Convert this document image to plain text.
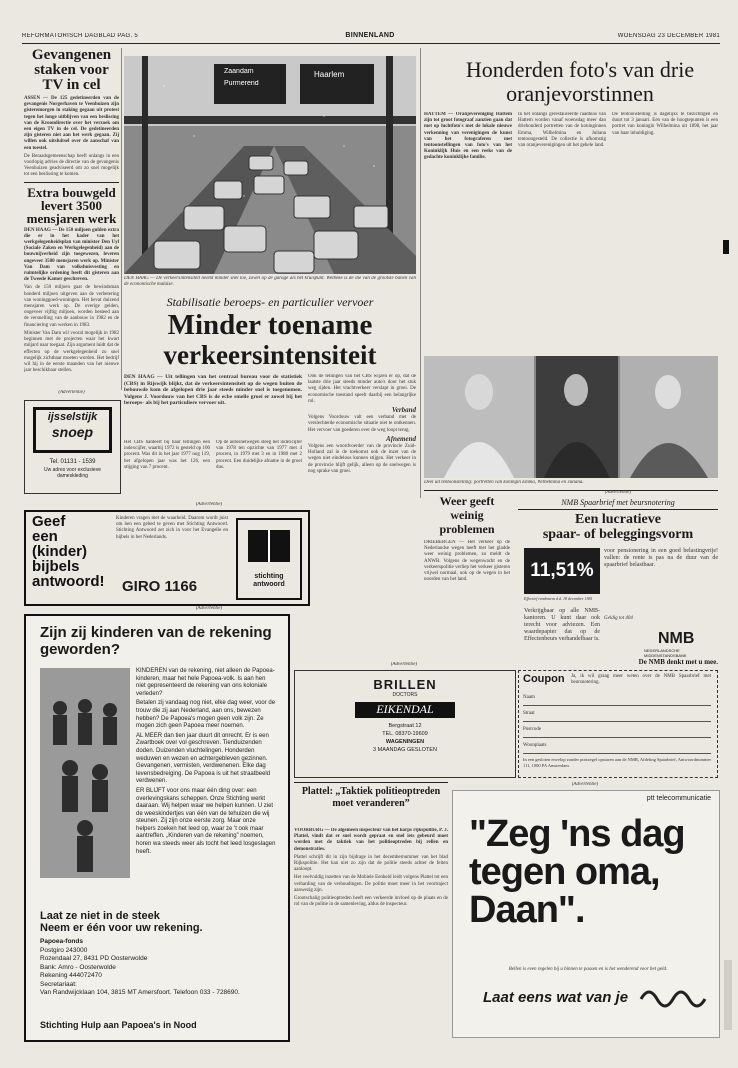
REFORMATORISCH DAGBLAD PAG. 5	BINNENLAND	WOENSDAG 23 DECEMBER 1981
Gevangenen staken voor TV in cel

ASSEN — De 125 gedetineerden van de gevangenis Norgerhaven te Veenhuizen zijn gisteremorgen in staking gegaan uit protest tegen het longe uitblijven van een beslissing van de Kroondirectie over het verzoek om een eigen TV in de cel. De gedetineerden zijn gisteren niet aan het werk gegaan. Zij willen ook uitsluitsel over de aanschaf van een toestel.

De Beraadsgemeenschap heeft onlangs in een voorlopig advies de directie van de gevangenis Veenhuizen geadviseerd om zo snel mogelijk tot een beslissing te komen.

Extra bouwgeld levert 3500 mensjaren werk

DEN HAAG — De 150 miljoen gulden extra die er in het kader van het werkgelegenheidsplan van minister Den Uyl (Sociale Zaken en Werkgelegenheid) aan de bouwnijverheid zijn toegewezen, leveren ongeveer 3500 mensjaren werk op. Minister Van Dam van volkshuisvesting en ruimtelijke ordening heeft dit gisteren aan de Tweede Kamer geschreven.

Van de 150 miljoen gaat de bewindsman honderd miljoen uitgeven aan de verbetering van woninggoed-woningen. Het bevat duizend mensjaren werk op. De overige gelden, ongeveer vijftig miljoen, worden besteed aan de versnelling van de aanbouw in 1982 en de financiering van werken in 1983.

Minister Van Dam wil vooral mogelijk in 1982 beginnen met de projecten waar het kwart miljard naar toegaat. Zijn argument luidt dat de effecten op de werkgelegenheid zo snel mogelijk zichtbaar moeten worden. Het bedrijf wil hij in de eerste maanden van het nieuwe jaar beschikbaar stellen.

Zaandam
Purmerend
Haarlem
DEN HAAG — De verkeersintensiteit neemt minder snel toe, zowel op de garage als het kruispunt. Welbeke is de die van de grootste banen van de economische malaise.
Stabilisatie beroeps- en particulier vervoer
Minder toename
verkeersintensiteit
DEN HAAG — Uit tellingen van het centraal bureau voor de statistiek (CBS) in Rijswijk blijkt, dat de verkeersintensiteit op de wegen buiten de bebouwde kom de afgelopen drie jaar steeds minder snel is toegenomen. Volgens J. Voordouw van het CBS is de ecbe smelle groei er zowel bij het beroeps- als bij het particuliere vervoer uit.

Het CBS hanteert bij haar tellingen een indexcijfer, waarbij 1972 is gesteld op 100 procent. Was dit in het jaar 1977 nog 119, het afgelopen jaar was het 126, een stijging van 7 procent.

Op de autosnelwegen steeg het indexcijfer van 1978 ten opzichte van 1977 met 4 procent, in 1979 met 3 en in 1980 met 2 procent. Een duidelijke afname in de groei dus.

Ook de tellingen van het CBS wijzen er op, dat de laatste drie jaar steeds minder auto's door het stuk weg rijden. Het vrachtverkeer verslapt in groei. De economische toestand speelt daarbij een belangrijke rol.

Verband

Volgens Voordouw valt een verband met de verslechterde economische situatie niet te ontkennen. Het vervoer van goederen over de weg loopt terug.

Afnemend

Volgens een woordvoerder van de provincie Zuid-Holland zal in de toekomst ook de inzet van de wegen niet eindeloos kunnen stijgen. Het verkeer in de provincie blijft gelijk, alleen op de snelwegen is nog sprake van groei.

Honderden foto's van drie oranjevorstinnen

HATTEM — Oranjevereniging Hattem zijn tot groot fotograaf aanzien gaan dat met op luchtfoto's met de lokale nieuwe verkenning van verenigingen de kunst van het fotograferen met tentoonstellingen van foto's van het Koninklijk Huis en een reeks van de gedachte koninklijke familie.

In het onlangs gerestaureerde raadhuis van Hattem worden vanaf woensdag meer dan driehonderd portretten van de koninginnen Emma, Wilhelmina en Juliana tentoongesteld. De collectie is afkomstig van oranjeverenigingen uit het gehele land.

De tentoonstelling is dagelijks te bezichtigen en duurt tot 3 januari. Een van de hoogtepunten is een portret van koningin Wilhelmina uit 1898, het jaar van haar inhuldiging.

Deel uit tentoonstelling: portretten van koningin Emma, Wilhelmina en Juliana.
(Advertentie)
ijsselstijk
snoep
Tel. 01131 - 1539
Uw adres voor exclusieve dameskleding
(Advertentie)
Geef
een
(kinder)
bijbels
antwoord!
Kinderen vragen met de waarheid. Daarom wordt juist om hen een gebed te geven met Stichting Antwoord. Stichting Antwoord zet zich in voor het Evangelie en bijbels in het Nederlands.
GIRO 1166
stichting antwoord
(Advertentie)
Zijn zij kinderen van de rekening geworden?

KINDEREN van de rekening, niet alleen de Papoea-kinderen, maar het hele Papoea-volk. Is aan hen niet gepresenteerd de rekening van ons koloniale verleden?

Betalen zij vandaag nog niet, elke dag weer, voor de trouw die zij aan Nederland, aan ons, bewezen hebben? De Papoea's mogen geen volk zijn. Ze mogen zich geen Papoea meer noemen.

AL MEER dan tien jaar duurt dit onrecht. Er is een Zwartboek over vol geschreven. Tienduizenden doden. Duizenden vluchtelingen. Honderden weduwen en wezen en achtergebleven gezinnen. Gevangenen, vermisten, verdwenenen. Elke dag levensbedreiging. De Papoea is uit het straatbeeld verdwenen.

ER BLIJFT voor ons maar één ding over: een overlevingskans scheppen. Onze Stichting werkt daaraan. Wij helpen waar we helpen kunnen. U ziet de weeskindertjes van één van de tehuizen die wij steunen. Zij zijn onze eerste zorg. Maar onze helpers zoeken het leed op, waar ze 't ook maar aantreffen. „Kinderen van de rekening” noemen, horen wa steeds weer als tocht het leed losgeslagen heeft.

Laat ze niet in de steek
Neem er één voor uw rekening.
Papoea-fonds
Postgiro 243000
Rozendaal 27, 8431 PD Oosterwolde
Bank: Amro - Oosterwolde
Rekening 444072470
Secretariaat:
Van Randwijcklaan 104, 3815 MT Amersfoort. Telefoon 033 - 728690.
Stichting Hulp aan Papoea's in Nood
Weer geeft weinig problemen

DRIEBERGEN — Het verkeer op de Nederlandse wegen heeft met het gladde weer weinig problemen, zo meldt de ANWB. Volgens de wegenwacht en de verkeerspolitie verliep het verkeer gisteren vrijwel normaal, ook op de wegen in het noorden van het land.

(Advertentie)
BRILLEN
DOCTORS
EIKENDAL
Bergstraat 12
TEL. 08370-19609
WAGENINGEN
3 MAANDAG GESLOTEN
Plattel: „Taktiek politieoptreden moet veranderen”

VOORBURG — De algemeen inspecteur van het korps rijkspolitie, P. J. Plattel, vindt dat er snel wordt gepraat en snel iets gebeurd moet worden met de taktiek van het politieoptreden bij rellen en demonstraties.

Plattel schrijft dit in zijn bijdrage in het decembernummer van het blad Rijkspolitie. Het kan niet zo zijn dat de politie steeds achter de feiten aanloopt.

Het veelvuldig inzetten van de Mobiele Eenheid leidt volgens Plattel tot een verharding van de verhoudingen. De politie moet meer in het voortraject aanwezig zijn.

Grootschalig politieoptreden heeft een verkeerde invloed op de plaats en de rol van de politie in de samenleving, aldus de inspecteur.

(Advertentie)
NMB Spaarbrief met beursnotering
Een lucratieve
spaar- of beleggingsvorm
11,51%
Effectief rendement d.d. 18 december 1981
voor pensionering in een goed belastingvrije! vallen: de rente is pas na de duur van de spaarbrief belastbaar.
Verkrijgbaar op alle NMB-kantoren. U kunt daar ook terecht voor adviezen. Een waardepapier dat op de Effectenbeurs verhandelbaar is.
Geldig tot 404
NMB
NEDERLANDSCHE MIDDENSTANDSBANK
De NMB denkt met u mee.
Coupon Ja, ik wil graag meer weten over de NMB Spaarbrief met beursnotering.
Naam
Straat
Postcode
Woonplaats
In een gesloten envelop zonder postzegel opsturen aan de NMB, Afdeling Spaarbrief, Antwoordnummer 111, 1000 PA Amsterdam.
(Advertentie)
ptt telecommunicatie
"Zeg 'ns dag
tegen oma,
Daan".
Bellen is even regelen bij u binnen te passen en is het wenderend voor het geld.
Laat eens wat van je
